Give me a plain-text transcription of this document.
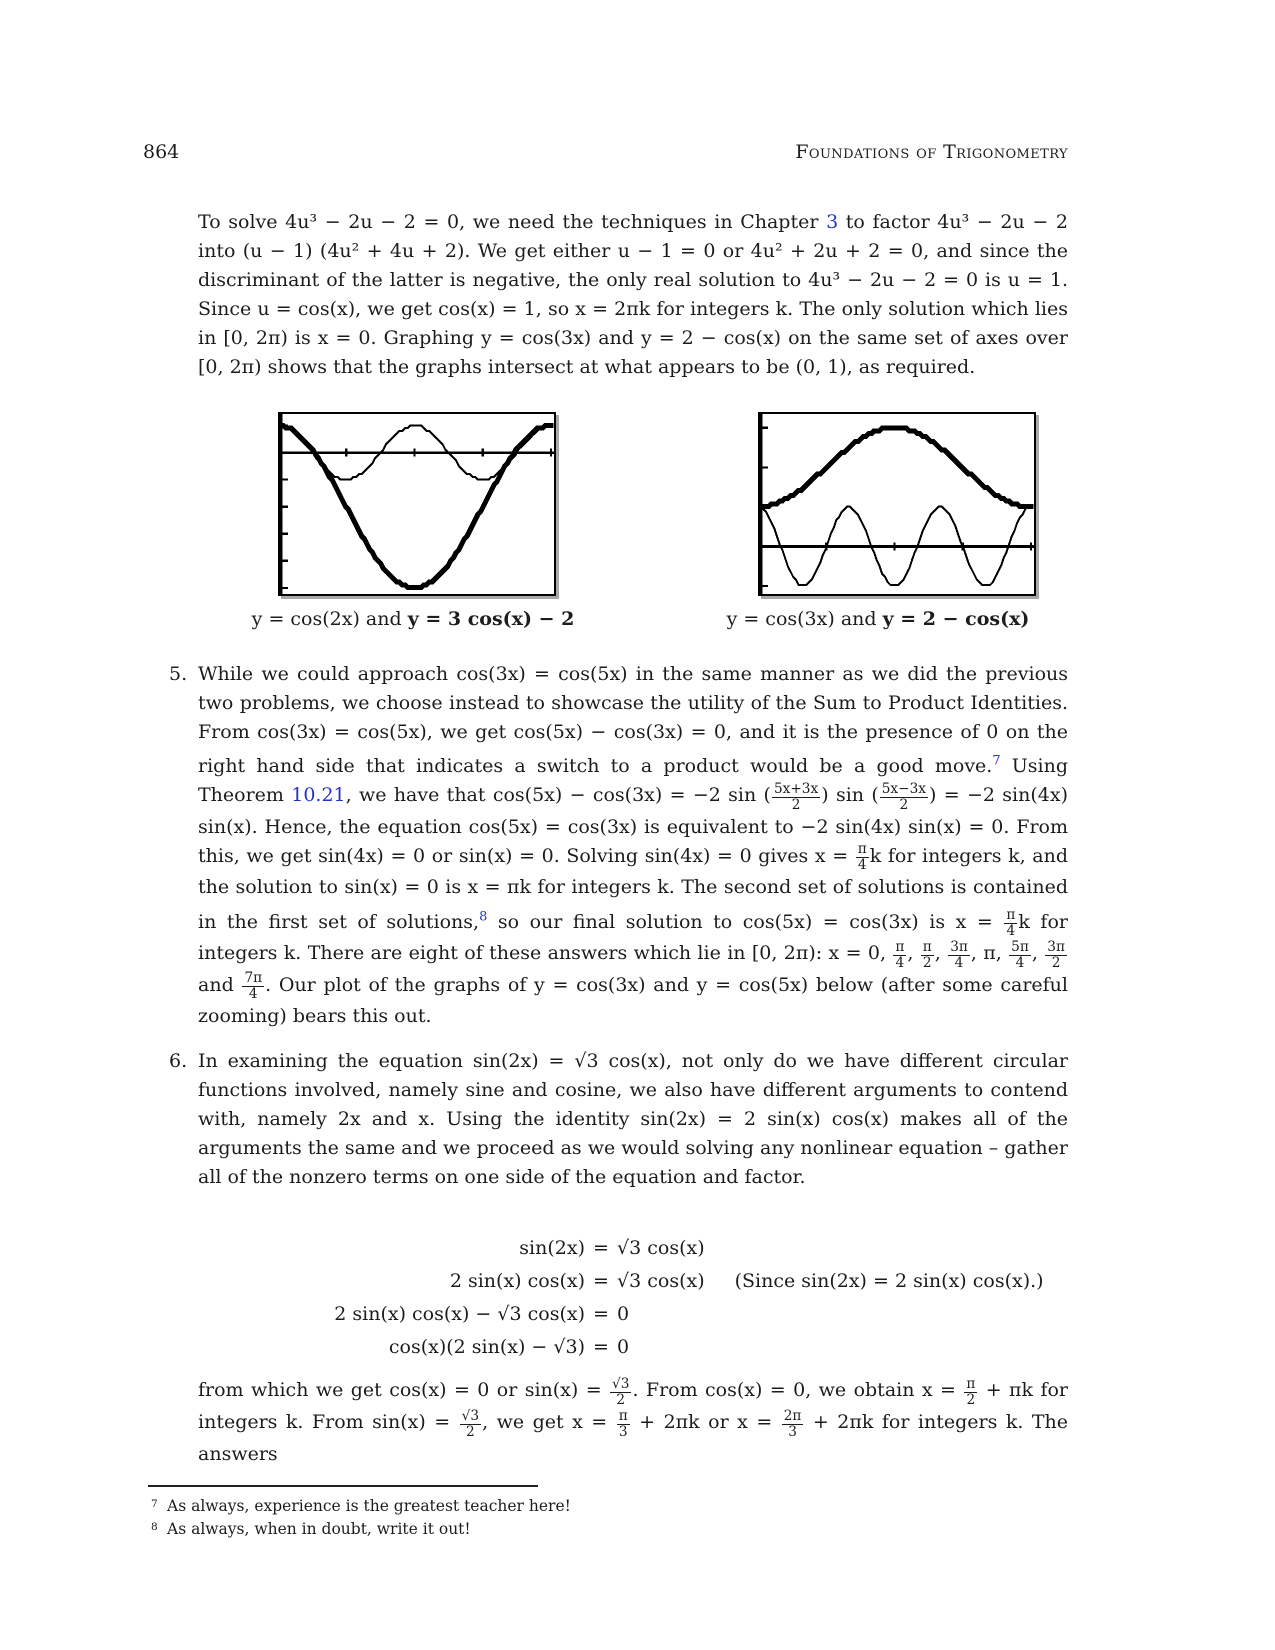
864	Foundations of Trigonometry
To solve 4u³ − 2u − 2 = 0, we need the techniques in Chapter 3 to factor 4u³ − 2u − 2 into (u − 1) (4u² + 4u + 2). We get either u − 1 = 0 or 4u² + 2u + 2 = 0, and since the discriminant of the latter is negative, the only real solution to 4u³ − 2u − 2 = 0 is u = 1. Since u = cos(x), we get cos(x) = 1, so x = 2πk for integers k. The only solution which lies in [0, 2π) is x = 0. Graphing y = cos(3x) and y = 2 − cos(x) on the same set of axes over [0, 2π) shows that the graphs intersect at what appears to be (0, 1), as required.
y = cos(2x) and y = 3 cos(x) − 2	y = cos(3x) and y = 2 − cos(x)
5. While we could approach cos(3x) = cos(5x) in the same manner as we did the previous two problems, we choose instead to showcase the utility of the Sum to Product Identities. From cos(3x) = cos(5x), we get cos(5x) − cos(3x) = 0, and it is the presence of 0 on the right hand side that indicates a switch to a product would be a good move.$^7$ Using Theorem 10.21, we have that cos(5x) − cos(3x) = −2 sin ( $\frac{5x+3x}{2}$ ) sin ( $\frac{5x-3x}{2}$ ) = −2 sin(4x) sin(x). Hence, the equation cos(5x) = cos(3x) is equivalent to −2 sin(4x) sin(x) = 0. From this, we get sin(4x) = 0 or sin(x) = 0. Solving sin(4x) = 0 gives $x = \frac{\pi}{4}$ k for integers k, and the solution to sin(x) = 0 is x = πk for integers k. The second set of solutions is contained in the first set of solutions,$^8$ so our final solution to cos(5x) = cos(3x) is $x = \frac{\pi}{4}$ k for integers k. There are eight of these answers which lie in [0, 2π): x = 0, $\frac{\pi}{4}$ , $\frac{\pi}{2}$ , $\frac{3\pi}{4}$ , π, $\frac{5\pi}{4}$ , $\frac{3\pi}{2}$
and $\frac{7\pi}{4}$ . Our plot of the graphs of y = cos(3x) and y = cos(5x) below (after some careful zooming) bears this out.
6. In examining the equation sin(2x) = √3 cos(x), not only do we have different circular functions involved, namely sine and cosine, we also have different arguments to contend with, namely 2x and x. Using the identity sin(2x) = 2 sin(x) cos(x) makes all of the arguments the same and we proceed as we would solving any nonlinear equation – gather all of the nonzero terms on one side of the equation and factor.
sin(2x) = √3 cos(x)
2 sin(x) cos(x) = √3 cos(x) (Since sin(2x) = 2 sin(x) cos(x).)
2 sin(x) cos(x) − √3 cos(x) = 0
cos(x)(2 sin(x) − √3) = 0
from which we get cos(x) = 0 or $\sin(x) = \frac{√3}{2}$ . From cos(x) = 0, we obtain $x = \frac{\pi}{2} + \pi k$ for integers k. From $\sin(x) = \frac{√3}{2}$ , we get $x = \frac{\pi}{3} + 2\pi k$ or $x = \frac{2\pi}{3} + 2\pi k$ for integers k. The answers
7 As always, experience is the greatest teacher here!
8 As always, when in doubt, write it out!
